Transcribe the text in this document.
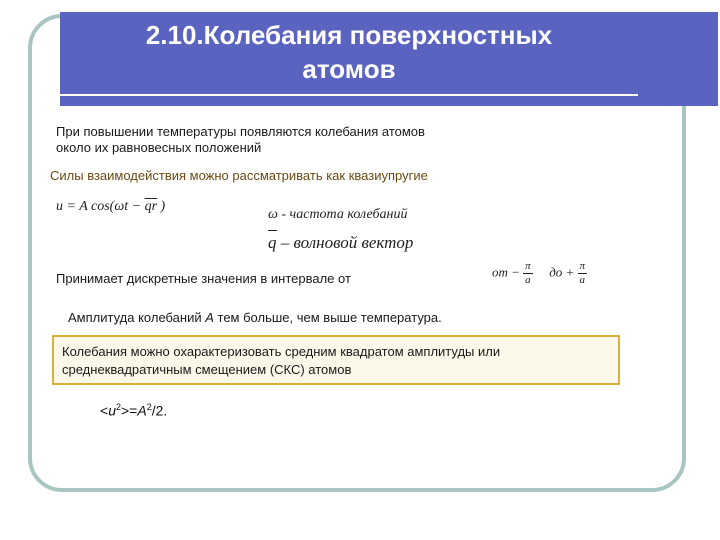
2.10.Колебания поверхностных
атомов

При повышении температуры появляются колебания атомов
около их равновесных положений

Силы взаимодействия можно рассматривать как квазиупругие

u = A $\cos(\omega t - \overline{q}\overline{r}$ )
ω - частота колебаний
q – волновой вектор

Принимает дискретные значения в интервале от	от − $\frac{\pi}{a}$ до + $\frac{\pi}{a}$

Амплитуда колебаний A тем больше, чем выше температура.

Колебания можно охарактеризовать средним квадратом амплитуды или
среднеквадратичным смещением (СКС) атомов

$<u^2>=A^2/2$.
